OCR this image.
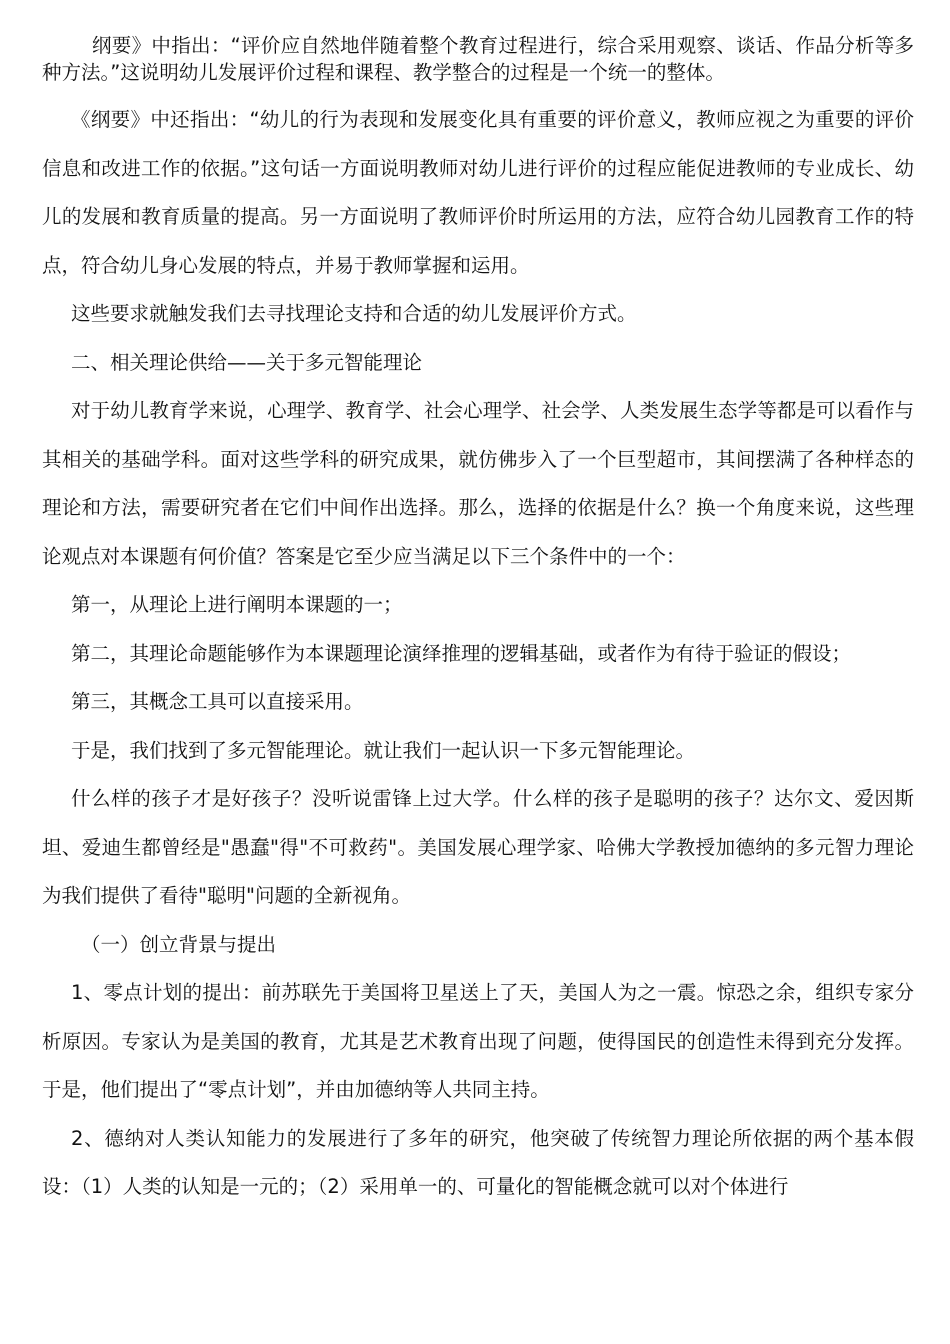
纲要》中指出：“评价应自然地伴随着整个教育过程进行，综合采用观察、谈话、作品分析等多种方法。”这说明幼儿发展评价过程和课程、教学整合的过程是一个统一的整体。

《纲要》中还指出：“幼儿的行为表现和发展变化具有重要的评价意义，教师应视之为重要的评价信息和改进工作的依据。”这句话一方面说明教师对幼儿进行评价的过程应能促进教师的专业成长、幼儿的发展和教育质量的提高。另一方面说明了教师评价时所运用的方法，应符合幼儿园教育工作的特点，符合幼儿身心发展的特点，并易于教师掌握和运用。

这些要求就触发我们去寻找理论支持和合适的幼儿发展评价方式。

二、相关理论供给——关于多元智能理论

对于幼儿教育学来说，心理学、教育学、社会心理学、社会学、人类发展生态学等都是可以看作与其相关的基础学科。面对这些学科的研究成果，就仿佛步入了一个巨型超市，其间摆满了各种样态的理论和方法，需要研究者在它们中间作出选择。那么，选择的依据是什么？换一个角度来说，这些理论观点对本课题有何价值？答案是它至少应当满足以下三个条件中的一个：

第一，从理论上进行阐明本课题的一；

第二，其理论命题能够作为本课题理论演绎推理的逻辑基础，或者作为有待于验证的假设；

第三，其概念工具可以直接采用。

于是，我们找到了多元智能理论。就让我们一起认识一下多元智能理论。

什么样的孩子才是好孩子？没听说雷锋上过大学。什么样的孩子是聪明的孩子？达尔文、爱因斯坦、爱迪生都曾经是"愚蠢"得"不可救药"。美国发展心理学家、哈佛大学教授加德纳的多元智力理论为我们提供了看待"聪明"问题的全新视角。

（一）创立背景与提出

1、零点计划的提出：前苏联先于美国将卫星送上了天，美国人为之一震。惊恐之余，组织专家分析原因。专家认为是美国的教育，尤其是艺术教育出现了问题，使得国民的创造性未得到充分发挥。于是，他们提出了“零点计划”，并由加德纳等人共同主持。

2、德纳对人类认知能力的发展进行了多年的研究，他突破了传统智力理论所依据的两个基本假设：（1）人类的认知是一元的；（2）采用单一的、可量化的智能概念就可以对个体进行
